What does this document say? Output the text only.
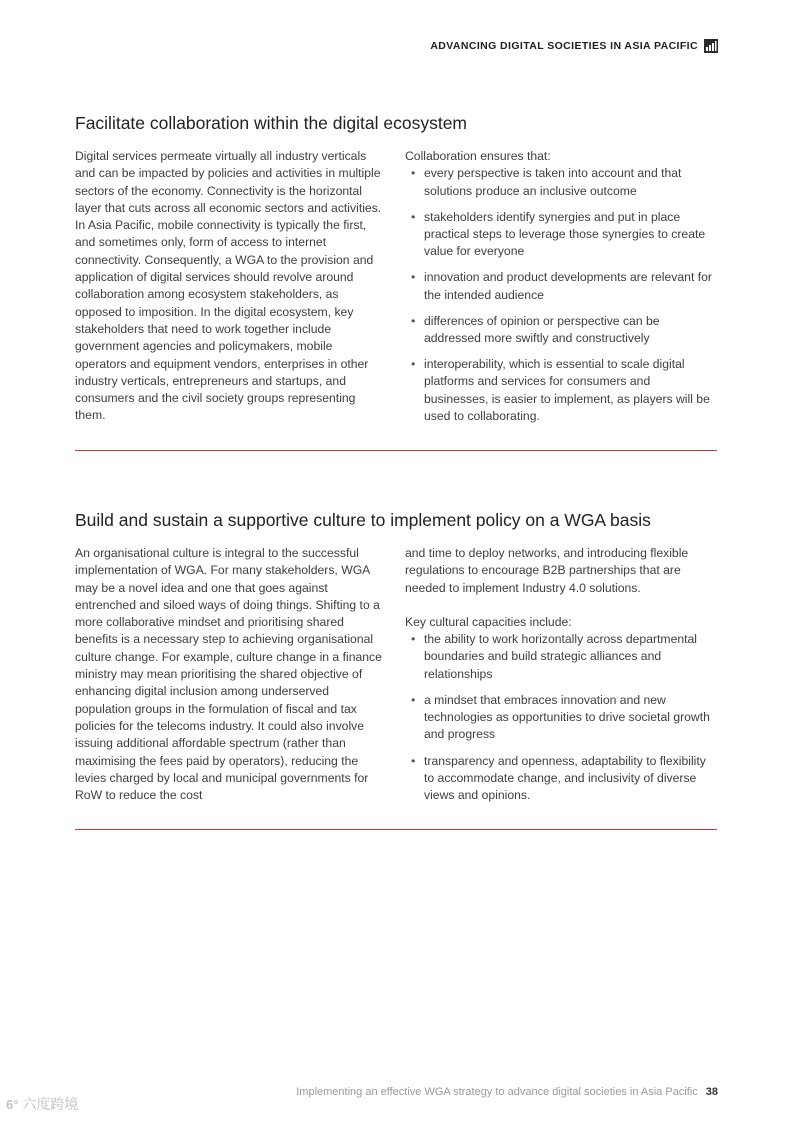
ADVANCING DIGITAL SOCIETIES IN ASIA PACIFIC
Facilitate collaboration within the digital ecosystem

Digital services permeate virtually all industry verticals and can be impacted by policies and activities in multiple sectors of the economy. Connectivity is the horizontal layer that cuts across all economic sectors and activities. In Asia Pacific, mobile connectivity is typically the first, and sometimes only, form of access to internet connectivity. Consequently, a WGA to the provision and application of digital services should revolve around collaboration among ecosystem stakeholders, as opposed to imposition. In the digital ecosystem, key stakeholders that need to work together include government agencies and policymakers, mobile operators and equipment vendors, enterprises in other industry verticals, entrepreneurs and startups, and consumers and the civil society groups representing them.

Collaboration ensures that:

• every perspective is taken into account and that solutions produce an inclusive outcome
• stakeholders identify synergies and put in place practical steps to leverage those synergies to create value for everyone
• innovation and product developments are relevant for the intended audience
• differences of opinion or perspective can be addressed more swiftly and constructively
• interoperability, which is essential to scale digital platforms and services for consumers and businesses, is easier to implement, as players will be used to collaborating.
Build and sustain a supportive culture to implement policy on a WGA basis

An organisational culture is integral to the successful implementation of WGA. For many stakeholders, WGA may be a novel idea and one that goes against entrenched and siloed ways of doing things. Shifting to a more collaborative mindset and prioritising shared benefits is a necessary step to achieving organisational culture change. For example, culture change in a finance ministry may mean prioritising the shared objective of enhancing digital inclusion among underserved population groups in the formulation of fiscal and tax policies for the telecoms industry. It could also involve issuing additional affordable spectrum (rather than maximising the fees paid by operators), reducing the levies charged by local and municipal governments for RoW to reduce the cost

and time to deploy networks, and introducing flexible regulations to encourage B2B partnerships that are needed to implement Industry 4.0 solutions.

Key cultural capacities include:

• the ability to work horizontally across departmental boundaries and build strategic alliances and relationships
• a mindset that embraces innovation and new technologies as opportunities to drive societal growth and progress
• transparency and openness, adaptability to flexibility to accommodate change, and inclusivity of diverse views and opinions.
Implementing an effective WGA strategy to advance digital societies in Asia Pacific 38
6° 六度跨境
